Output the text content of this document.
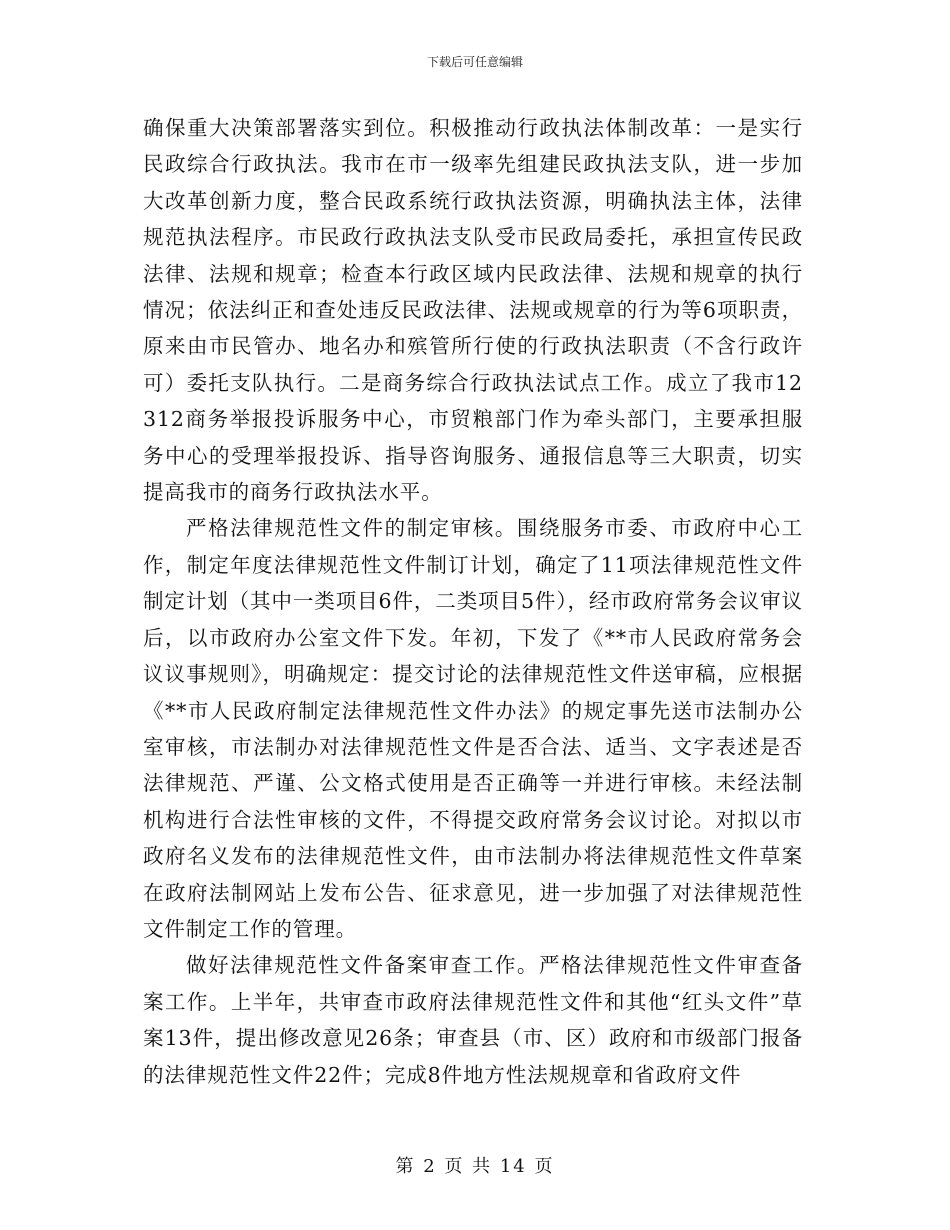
下载后可任意编辑

确保重大决策部署落实到位。积极推动行政执法体制改革：一是实行民政综合行政执法。我市在市一级率先组建民政执法支队，进一步加大改革创新力度，整合民政系统行政执法资源，明确执法主体，法律规范执法程序。市民政行政执法支队受市民政局委托，承担宣传民政法律、法规和规章；检查本行政区域内民政法律、法规和规章的执行情况；依法纠正和查处违反民政法律、法规或规章的行为等6项职责，原来由市民管办、地名办和殡管所行使的行政执法职责（不含行政许可）委托支队执行。二是商务综合行政执法试点工作。成立了我市12312商务举报投诉服务中心，市贸粮部门作为牵头部门，主要承担服务中心的受理举报投诉、指导咨询服务、通报信息等三大职责，切实提高我市的商务行政执法水平。

严格法律规范性文件的制定审核。围绕服务市委、市政府中心工作，制定年度法律规范性文件制订计划，确定了11项法律规范性文件制定计划（其中一类项目6件，二类项目5件），经市政府常务会议审议后，以市政府办公室文件下发。年初，下发了《**市人民政府常务会议议事规则》，明确规定：提交讨论的法律规范性文件送审稿，应根据《**市人民政府制定法律规范性文件办法》的规定事先送市法制办公室审核，市法制办对法律规范性文件是否合法、适当、文字表述是否法律规范、严谨、公文格式使用是否正确等一并进行审核。未经法制机构进行合法性审核的文件，不得提交政府常务会议讨论。对拟以市政府名义发布的法律规范性文件，由市法制办将法律规范性文件草案在政府法制网站上发布公告、征求意见，进一步加强了对法律规范性文件制定工作的管理。

做好法律规范性文件备案审查工作。严格法律规范性文件审查备案工作。上半年，共审查市政府法律规范性文件和其他“红头文件”草案13件，提出修改意见26条；审查县（市、区）政府和市级部门报备的法律规范性文件22件；完成8件地方性法规规章和省政府文件

第 2 页 共 14 页
